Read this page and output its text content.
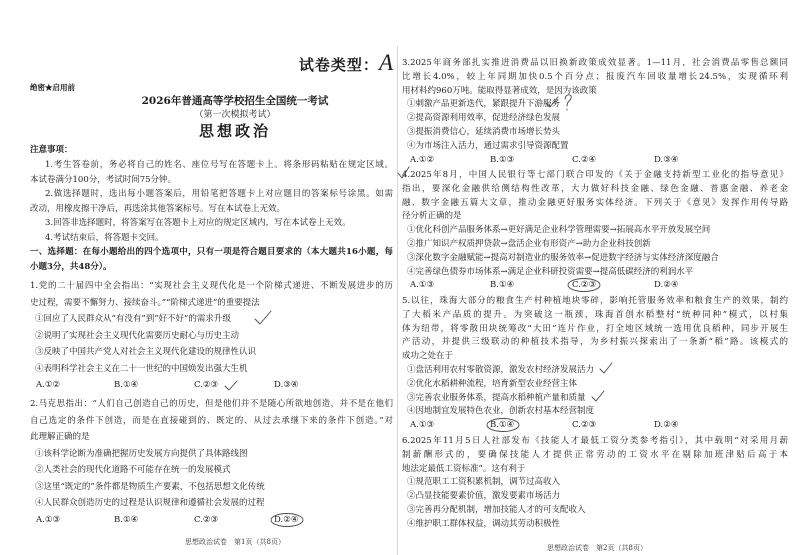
试卷类型：A
绝密★启用前
2026年普通高等学校招生全国统一考试
（第一次模拟考试）
思想政治
注意事项：
1.考生答卷前，务必将自己的姓名、座位号写在答题卡上。将条形码粘贴在规定区域。
本试卷满分100分，考试时间75分钟。
2.做选择题时，选出每小题答案后，用铅笔把答题卡上对应题目的答案标号涂黑。如需
改动，用橡皮擦干净后，再选涂其他答案标号。写在本试卷上无效。
3.回答非选择题时，将答案写在答题卡上对应的规定区域内，写在本试卷上无效。
4.考试结束后，将答题卡交回。
一、选择题：在每小题给出的四个选项中，只有一项是符合题目要求的（本大题共16小题，每
小题3分，共48分）。
1.党的二十届四中全会指出：“实现社会主义现代化是一个阶梯式递进、不断发展进步的历
史过程，需要不懈努力、接续奋斗。”“阶梯式递进”的重要提法
①回应了人民群众从“有没有”到“好不好”的需求升级
②说明了实现社会主义现代化需要历史耐心与历史主动
③反映了中国共产党人对社会主义现代化建设的规律性认识
④表明科学社会主义在二十一世纪的中国焕发出强大生机
A.①②	B.①④	C.②③	D.③④
2.马克思指出：“人们自己创造自己的历史，但是他们并不是随心所欲地创造，并不是在他们
自己选定的条件下创造，而是在直接碰到的、既定的、从过去承继下来的条件下创造。”对
此理解正确的是
①该科学论断为准确把握历史发展方向提供了具体路线图
②人类社会的现代化道路不可能存在统一的发展模式
③这里“既定的”条件都是物质生产要素，不包括思想文化传统
④人民群众创造历史的过程是认识规律和遵循社会发展的过程
A.①③	B.①④	C.②③	D.②④
思想政治试卷　第1页（共8页）
3.2025年商务部扎实推进消费品以旧换新政策成效显著。1—11月，社会消费品零售总额同
比增长4.0%，较上年同期加快0.5个百分点；报废汽车回收量增长24.5%，实现循环利
用材料约960万吨。能取得显著成效，是因为该政策
①刺激产品更新迭代，紧跟提升下游服务
②提高资源利用效率，促进经济绿色发展
③提振消费信心，延续消费市场增长势头
④为市场注入活力，通过需求引导资源配置
A.①②	B.①③	C.②④	D.③④
4.2025年8月，中国人民银行等七部门联合印发的《关于金融支持新型工业化的指导意见》
指出，要深化金融供给侧结构性改革，大力做好科技金融、绿色金融、普惠金融、养老金
融、数字金融五篇大文章，推动金融更好服务实体经济。下列关于《意见》发挥作用传导路
径分析正确的是
①优化科创产品服务体系→更好满足企业科学管理需要→拓展高水平开放发展空间
②推广知识产权质押贷款→盘活企业有形资产→助力企业科技创新
③深化数字金融赋能→提高对制造业的服务效率→促进数字经济与实体经济深度融合
④完善绿色债券市场体系→满足企业科研投资需要→提高低碳经济的利润水平
A.①③	B.①④	C.②③	D.②④
5.以往，珠海大部分的粮食生产村种植地块零碎，影响托管服务效率和粮食生产的效果，制约
了大稻米产品质的提升。为突破这一瓶颈，珠海首创水稻整村“统种同种”模式，以村集
体为纽带，将零散田块统筹改“大田”连片作业，打全地区域统一选用优良稻种，同步开展生
产活动，并提供三级联动的种植技术指导，为乡村振兴探索出了一条新“稻”路。该模式的
成功之处在于
①盘活利用农村零散资源，激发农村经济发展活力
②优化水稻耕种流程，培育新型农业经营主体
③完善农业服务体系，提高水稻种植产量和质量
④因地制宜发展特色农业，创新农村基本经营制度
A.①③	B.①④	C.②③	D.②④
6.2025年11月5日人社部发布《技能人才最低工资分类参考指引》，其中载明“对采用月薪
制薪酬形式的，要确保技能人才提供正常劳动的工资水平在剔除加班津贴后高于本
地法定最低工资标准”。这有利于
①规范职工工资积累机制，调节过高收入
②凸显技能要素价值，激发要素市场活力
③完善再分配机制，增加技能人才的可支配收入
④维护职工群体权益，调动其劳动积极性
思想政治试卷　第2页（共8页）
